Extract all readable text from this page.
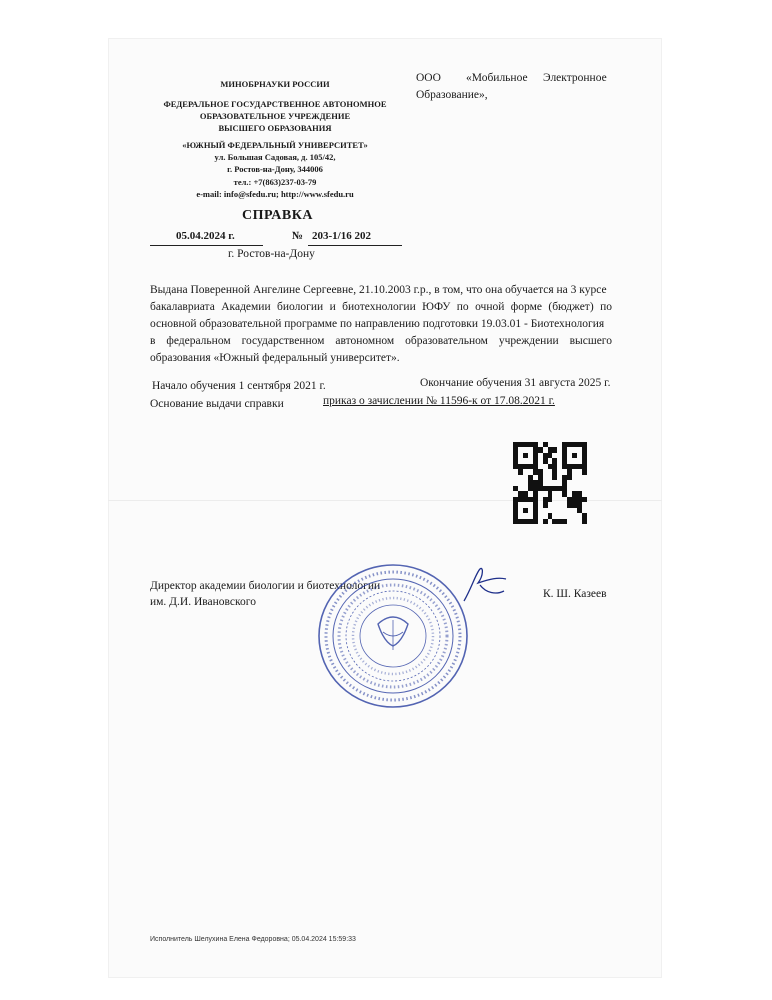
МИНОБРНАУКИ РОССИИ
ФЕДЕРАЛЬНОЕ ГОСУДАРСТВЕННОЕ АВТОНОМНОЕ
ОБРАЗОВАТЕЛЬНОЕ УЧРЕЖДЕНИЕ
ВЫСШЕГО ОБРАЗОВАНИЯ
«ЮЖНЫЙ ФЕДЕРАЛЬНЫЙ УНИВЕРСИТЕТ»
ул. Большая Садовая, д. 105/42,
г. Ростов-на-Дону, 344006
тел.: +7(863)237-03-79
e-mail: info@sfedu.ru; http://www.sfedu.ru
ООО «Мобильное Электронное
Образование»,
СПРАВКА
05.04.2024 г.	№ 203-1/16 202
г. Ростов-на-Дону
Выдана Поверенной Ангелине Сергеевне, 21.10.2003 г.р., в том, что она обучается на 3 курсе
бакалавриата Академии биологии и биотехнологии ЮФУ по очной форме (бюджет) по
основной образовательной программе по направлению подготовки 19.03.01 - Биотехнология
в федеральном государственном автономном образовательном учреждении высшего
образования «Южный федеральный университет».
Начало обучения 1 сентября 2021 г.	Окончание обучения 31 августа 2025 г.
Основание выдачи справки	приказ о зачислении № 11596-к от 17.08.2021 г.
Директор академии биологии и биотехнологии
им. Д.И. Ивановского
К. Ш. Казеев
Исполнитель Шелухина Елена Федоровна; 05.04.2024 15:59:33
